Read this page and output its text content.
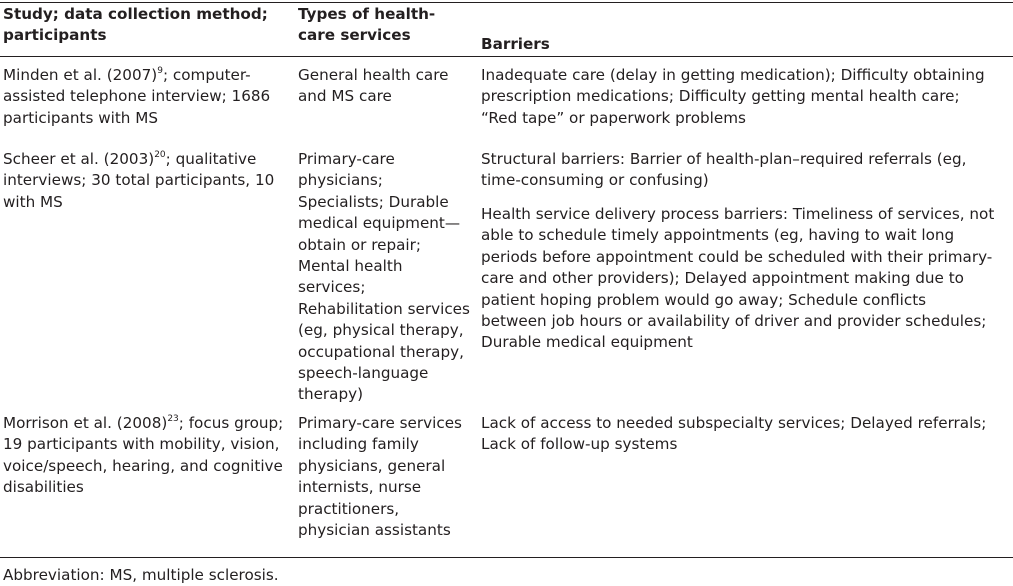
Study; data collection method; participants
Types of health-care services
Barriers
Minden et al. $(2007)^9$; computer-assisted telephone interview; 1686 participants with MS
General health care and MS care
Inadequate care (delay in getting medication); Difficulty obtaining prescription medications; Difficulty getting mental health care; “Red tape” or paperwork problems
Scheer et al. $(2003)^{20}$; qualitative interviews; 30 total participants, 10 with MS
Primary-care physicians; Specialists; Durable medical equipment—obtain or repair; Mental health services; Rehabilitation services (eg, physical therapy, occupational therapy, speech-language therapy)
Structural barriers: Barrier of health-plan–required referrals (eg, time-consuming or confusing)
Health service delivery process barriers: Timeliness of services, not able to schedule timely appointments (eg, having to wait long periods before appointment could be scheduled with their primary-care and other providers); Delayed appointment making due to patient hoping problem would go away; Schedule conflicts between job hours or availability of driver and provider schedules; Durable medical equipment
Morrison et al. $(2008)^{23}$; focus group; 19 participants with mobility, vision, voice/speech, hearing, and cognitive disabilities
Primary-care services including family physicians, general internists, nurse practitioners, physician assistants
Lack of access to needed subspecialty services; Delayed referrals; Lack of follow-up systems
Abbreviation: MS, multiple sclerosis.
